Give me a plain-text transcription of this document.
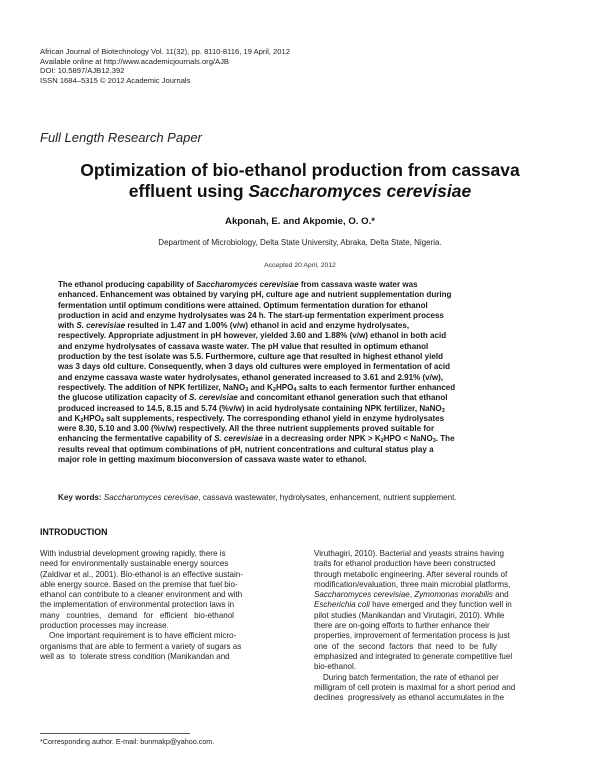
African Journal of Biotechnology Vol. 11(32), pp. 8110-8116, 19 April, 2012
Available online at http://www.academicjournals.org/AJB
DOI: 10.5897/AJB12.392
ISSN 1684–5315 © 2012 Academic Journals
Full Length Research Paper
Optimization of bio-ethanol production from cassava
effluent using Saccharomyces cerevisiae
Akponah, E. and Akpomie, O. O.*
Department of Microbiology, Delta State University, Abraka, Delta State, Nigeria.
Accepted 20 April, 2012
The ethanol producing capability of Saccharomyces cerevisiae from cassava waste water was
enhanced. Enhancement was obtained by varying pH, culture age and nutrient supplementation during
fermentation until optimum conditions were attained. Optimum fermentation duration for ethanol
production in acid and enzyme hydrolysates was 24 h. The start-up fermentation experiment process
with S. cerevisiae resulted in 1.47 and 1.00% (v/w) ethanol in acid and enzyme hydrolysates,
respectively. Appropriate adjustment in pH however, yielded 3.60 and 1.88% (v/w) ethanol in both acid
and enzyme hydrolysates of cassava waste water. The pH value that resulted in optimum ethanol
production by the test isolate was 5.5. Furthermore, culture age that resulted in highest ethanol yield
was 3 days old culture. Consequently, when 3 days old cultures were employed in fermentation of acid
and enzyme cassava waste water hydrolysates, ethanol generated increased to 3.61 and 2.91% (v/w),
respectively. The addition of NPK fertilizer, NaNO$_3$ and $K_2HPO_4$ salts to each fermentor further enhanced
the glucose utilization capacity of S. cerevisiae and concomitant ethanol generation such that ethanol
produced increased to 14.5, 8.15 and 5.74 (%v/w) in acid hydrolysate containing NPK fertilizer, NaNO$_3$
and $K_2HPO_4$ salt supplements, respectively. The corresponding ethanol yield in enzyme hydrolysates
were 8.30, 5.10 and 3.00 (%v/w) respectively. All the three nutrient supplements proved suitable for
enhancing the fermentative capability of S. cerevisiae in a decreasing order NPK > $K_2HPO$ < NaNO$_3$. The
results reveal that optimum combinations of pH, nutrient concentrations and cultural status play a
major role in getting maximum bioconversion of cassava waste water to ethanol.
Key words: Saccharomyces cerevisae, cassava wastewater, hydrolysates, enhancement, nutrient supplement.
INTRODUCTION
With industrial development growing rapidly, there is
need for environmentally sustainable energy sources
(Zaldivar et al., 2001). Bio-ethanol is an effective sustain-
able energy source. Based on the premise that fuel bio-
ethanol can contribute to a cleaner environment and with
the implementation of environmental protection laws in
many   countries,   demand   for   efficient   bio-ethanol
production processes may increase.
One important requirement is to have efficient micro-
organisms that are able to ferment a variety of sugars as
well as  to  tolerate stress condition (Manikandan and
Viruthagiri, 2010). Bacterial and yeasts strains having
traits for ethanol production have been constructed
through metabolic engineering. After several rounds of
modification/evaluation, three main microbial platforms,
Saccharomyces cerevisiae, Zymomonas morabilis and
Escherichia coli have emerged and they function well in
pilot studies (Manikandan and Virutagiri, 2010). While
there are on-going efforts to further enhance their
properties, improvement of fermentation process is just
one  of  the  second  factors  that  need  to  be  fully
emphasized and integrated to generate competitive fuel
bio-ethanol.
During batch fermentation, the rate of ethanol per
milligram of cell protein is maximal for a short period and
declines  progressively as ethanol accumulates in the
*Corresponding author. E-mail: bunmakp@yahoo.com.
